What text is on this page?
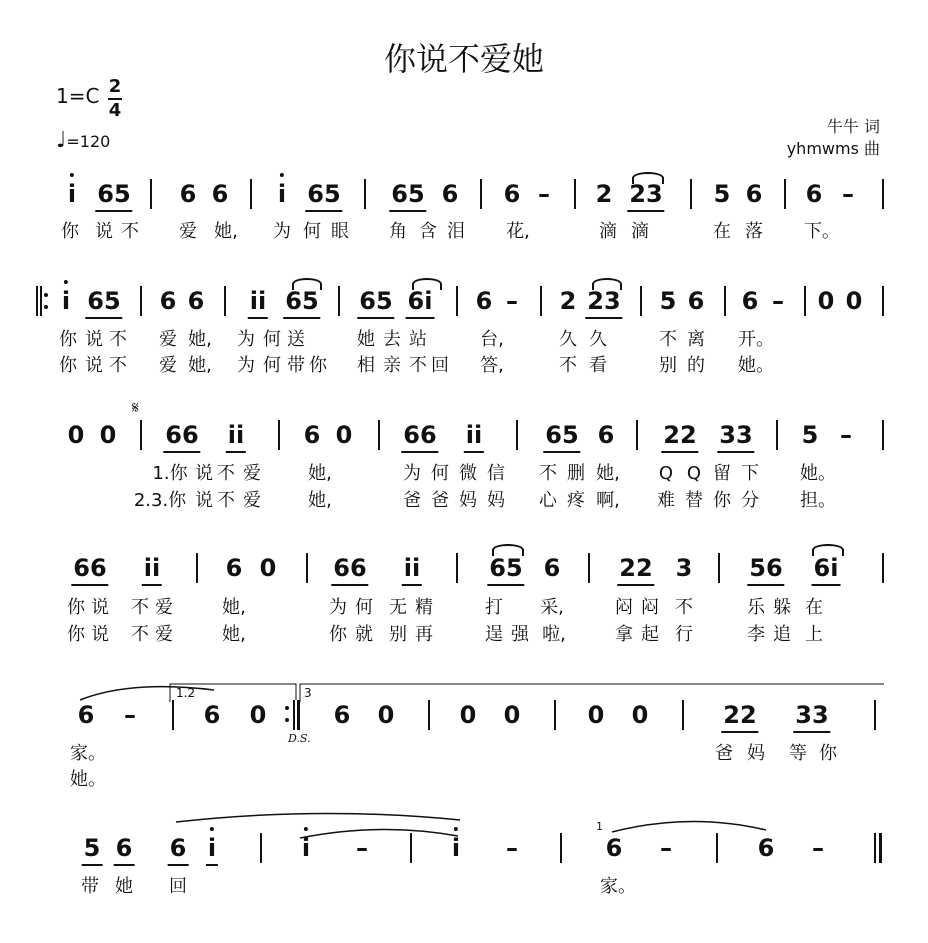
你说不爱她
1=C 2
4
♩=120
牛牛 词
yhmwms 曲
i 65 6 6 i 65 65 6 6 – 2 23 5 6 6 –
你 说 不 爱 她, 为 何 眼 角 含 泪 花,	滴 滴	在 落 下。
i 65 6 6 ii 65 65 6i 6 – 2 23 5 6 6 – 0 0
你 说 不 爱 她, 为 何 送	她 去 站	台,	久 久	不 离 开。
你 说 不 爱 她, 为 何 带 你 相 亲 不 回 答,	不 看	别 的 她。
𝄋
0 0 66 ii 6 0 66 ii	65 6 22 33 5 –
1.你 说 不 爱	她,	为 何 微 信 不 删 她, Q Q 留 下 她。
2.3.你 说 不 爱	她,	爸 爸 妈 妈 心 疼 啊, 难 替 你 分 担。
66 ii	6 0 66 ii	65 6 22 3 56 6i
你 说 不 爱	她,	为 何 无 精	打 采,	闷 闷 不	乐 躲 在
你 说 不 爱	她,	你 就 别 再	逞 强 啦,	拿 起 行	李 追 上
1.2	3
D.S.
6 –	6 0	6 0	0 0	0 0	22 33
家。	爸 妈 等 你
她。
1
5 6 6 i	i –	i –	6 –	6 –
带 她 回	家。
